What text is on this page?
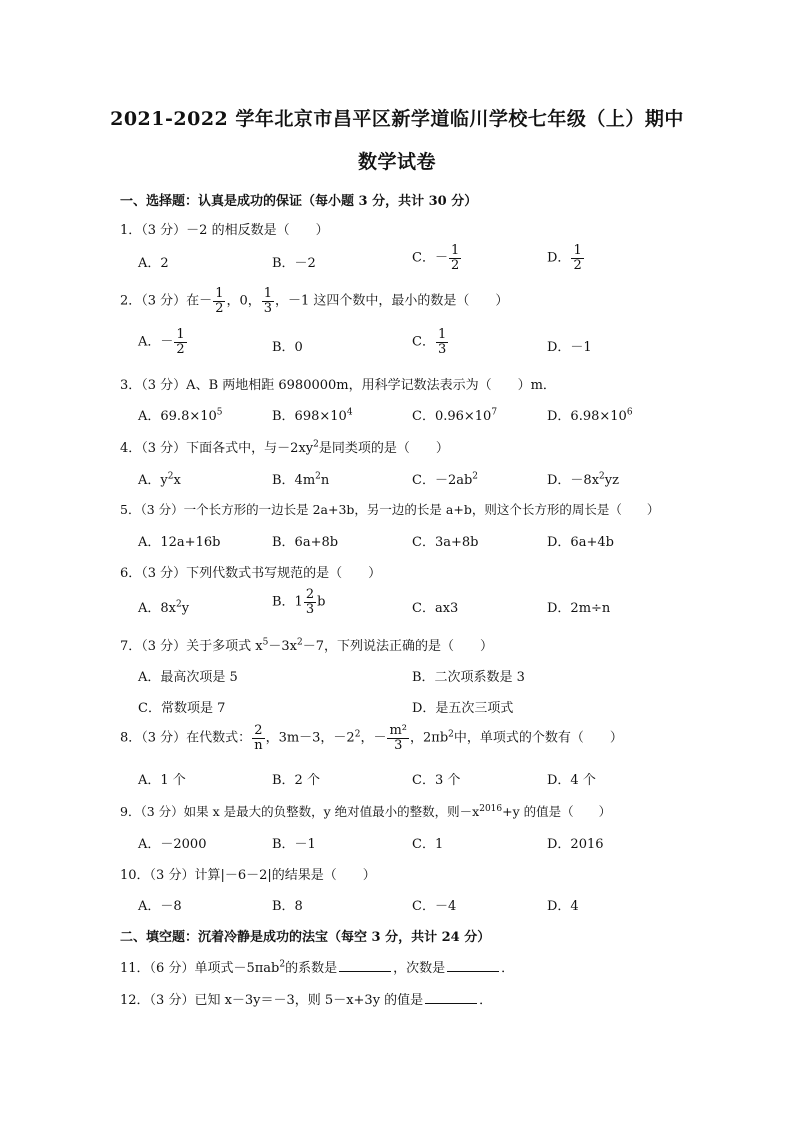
2021-2022 学年北京市昌平区新学道临川学校七年级（上）期中
数学试卷
一、选择题：认真是成功的保证（每小题 3 分，共计 30 分）
1．（3 分）－2 的相反数是（　　）
A．2	B．－2	C．－ $\frac{1}{2}$	D． $\frac{1}{2}$
2．（3 分）在－ $\frac{1}{2}$ ，0， $\frac{1}{3}$ ，－1 这四个数中，最小的数是（　　）
A．－ $\frac{1}{2}$	B．0	C． $\frac{1}{3}$	D．－1
3．（3 分）A、B 两地相距 6980000m，用科学记数法表示为（　　）m．
A．$69.8\times 10^5$	B．$698\times 10^4$	C．$0.96\times 10^7$	D．$6.98\times 10^6$
4．（3 分）下面各式中，与$-2xy^2$是同类项的是（　　）
A．$y^2x$	B．$4m^2n$	C．$-2ab^2$	D．$-8x^2yz$
5．（3 分）一个长方形的一边长是 2a+3b，另一边的长是 a+b，则这个长方形的周长是（　　）
A．12a+16b	B．6a+8b	C．3a+8b	D．6a+4b
6．（3 分）下列代数式书写规范的是（　　）
A．$8x^2y$	B．$1 \frac{2}{3}$ b	C．ax3	D．2m÷n
7．（3 分）关于多项式 $x^5-3x^2-7$，下列说法正确的是（　　）
A．最高次项是 5	B．二次项系数是 3
C．常数项是 7	D．是五次三项式
8．（3 分）在代数式： $\frac{2}{n}$ ，3m－3，$-2^2$，－ $\frac{\text{m²}}{3}$ ，$2\pi b^2$中，单项式的个数有（　　）
A．1 个	B．2 个	C．3 个	D．4 个
9．（3 分）如果 x 是最大的负整数，y 绝对值最小的整数，则$-x^{2016}+y$ 的值是（　　）
A．－2000	B．－1	C．1	D．2016
10．（3 分）计算|－6－2|的结果是（　　）
A．－8	B．8	C．－4	D．4
二、填空题：沉着冷静是成功的法宝（每空 3 分，共计 24 分）
11．（6 分）单项式－5πab$^2$的系数是	，次数是	．
12．（3 分）已知 x－3y＝－3，则 5－x+3y 的值是	．
